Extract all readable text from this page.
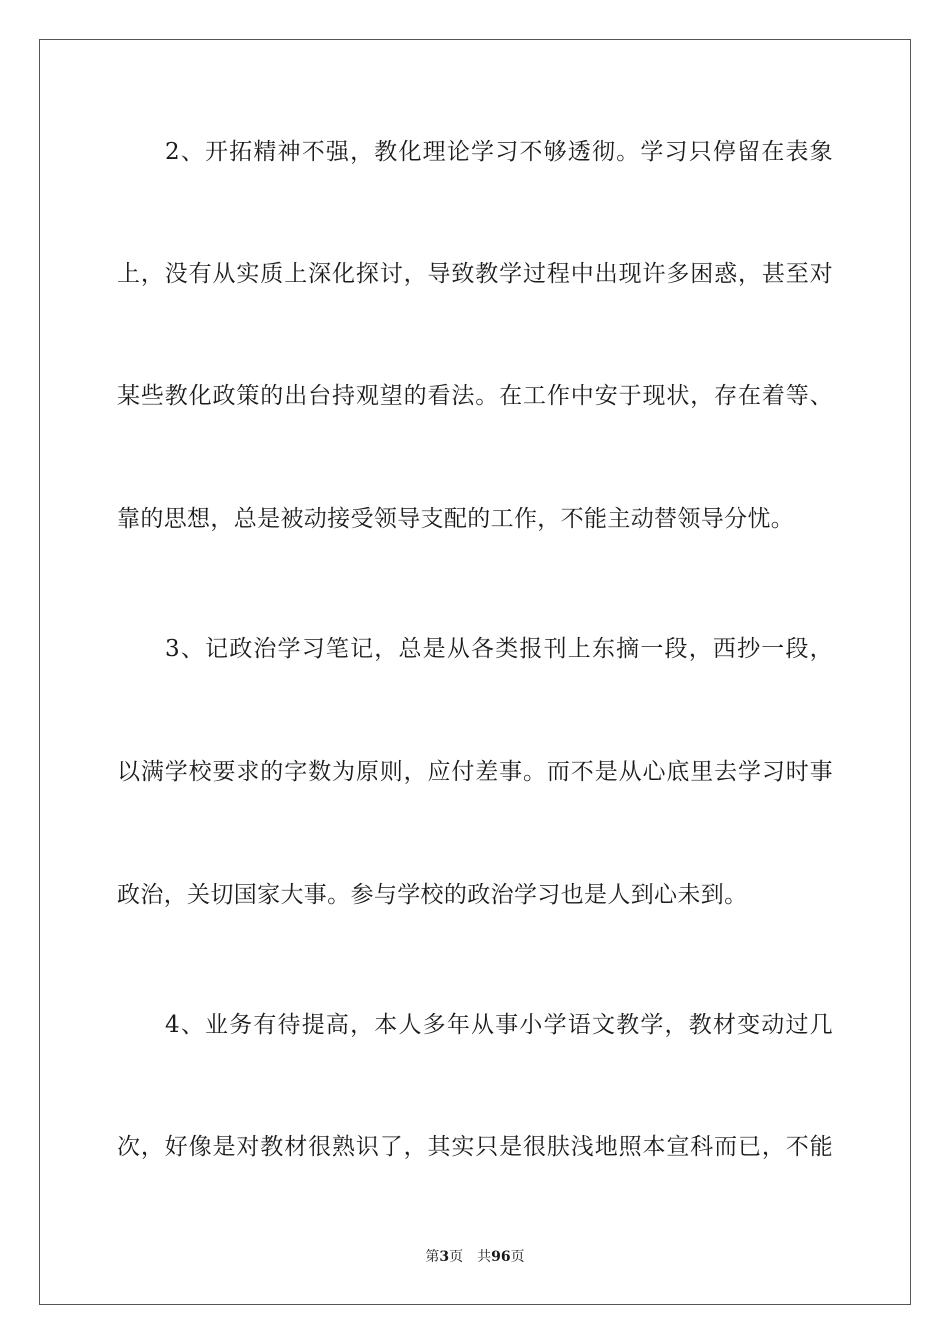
2、开拓精神不强，教化理论学习不够透彻。学习只停留在表象
上，没有从实质上深化探讨，导致教学过程中出现许多困惑，甚至对
某些教化政策的出台持观望的看法。在工作中安于现状，存在着等、
靠的思想，总是被动接受领导支配的工作，不能主动替领导分忧。
3、记政治学习笔记，总是从各类报刊上东摘一段，西抄一段，
以满学校要求的字数为原则，应付差事。而不是从心底里去学习时事
政治，关切国家大事。参与学校的政治学习也是人到心未到。
4、业务有待提高，本人多年从事小学语文教学，教材变动过几
次，好像是对教材很熟识了，其实只是很肤浅地照本宣科而已，不能
第3页 共96页
